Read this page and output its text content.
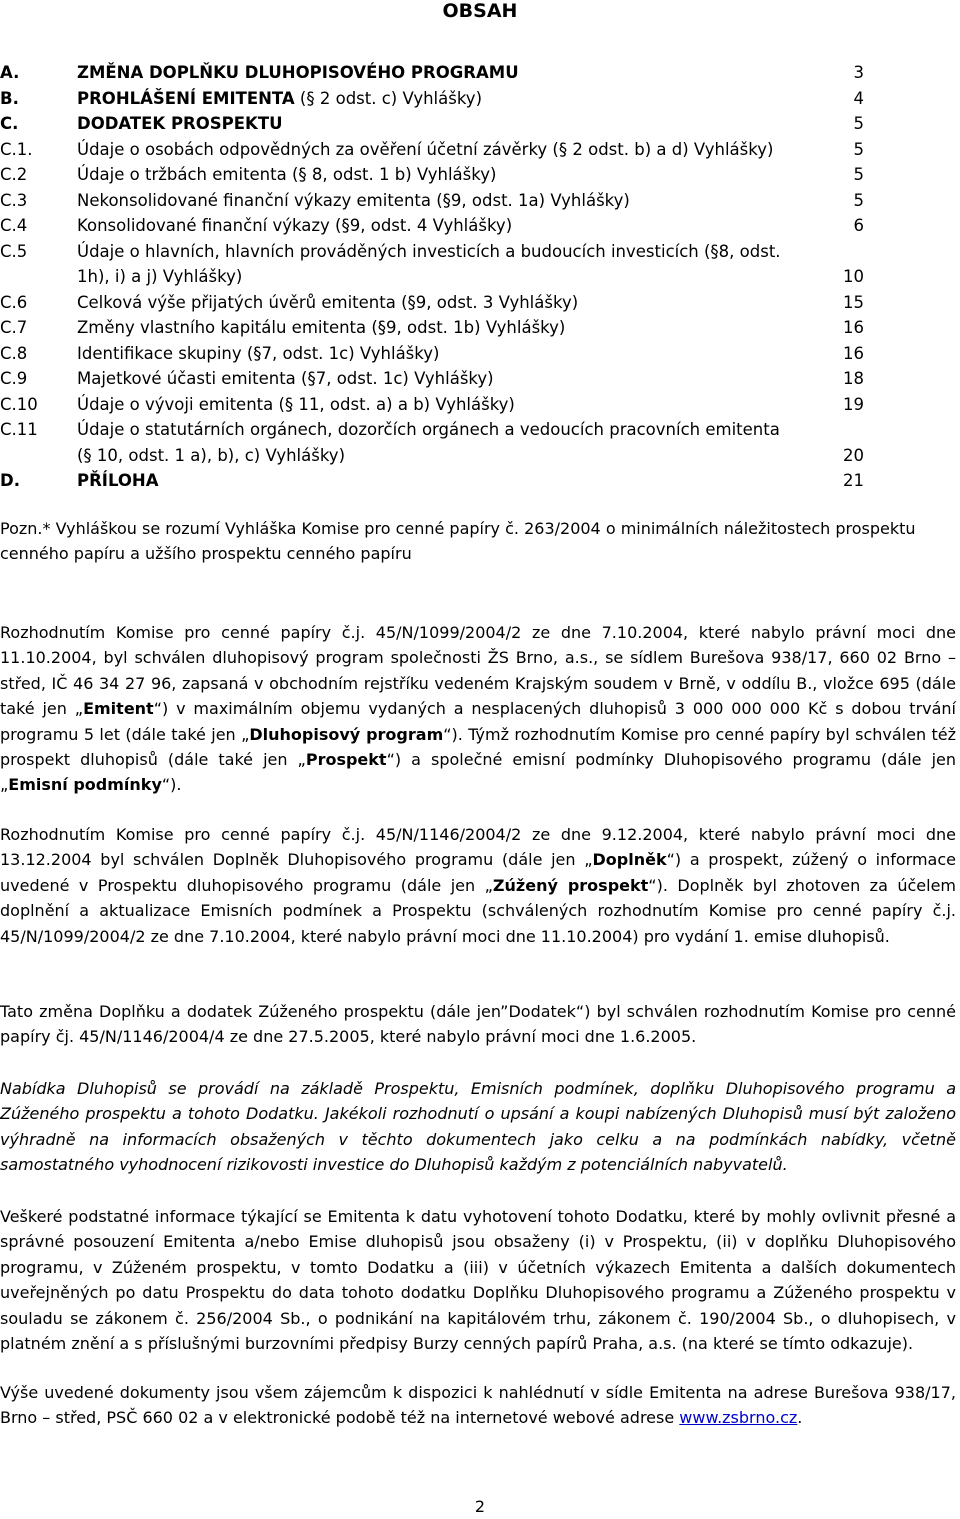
OBSAH
A.	ZMĚNA DOPLŇKU DLUHOPISOVÉHO PROGRAMU	3
B.	PROHLÁŠENÍ EMITENTA (§ 2 odst. c) Vyhlášky)	4
C.	DODATEK PROSPEKTU	5
C.1.	Údaje o osobách odpovědných za ověření účetní závěrky (§ 2 odst. b) a d) Vyhlášky)	5
C.2	Údaje o tržbách emitenta (§ 8, odst. 1 b) Vyhlášky)	5
C.3	Nekonsolidované finanční výkazy emitenta (§9, odst. 1a) Vyhlášky)	5
C.4	Konsolidované finanční výkazy (§9, odst. 4 Vyhlášky)	6
C.5	Údaje o hlavních, hlavních prováděných investicích a budoucích investicích (§8, odst. 1h), i) a j) Vyhlášky)	10
C.6	Celková výše přijatých úvěrů emitenta (§9, odst. 3 Vyhlášky)	15
C.7	Změny vlastního kapitálu emitenta (§9, odst. 1b) Vyhlášky)	16
C.8	Identifikace skupiny (§7, odst. 1c) Vyhlášky)	16
C.9	Majetkové účasti emitenta (§7, odst. 1c) Vyhlášky)	18
C.10 Údaje o vývoji emitenta (§ 11, odst. a) a b) Vyhlášky)	19
C.11 Údaje o statutárních orgánech, dozorčích orgánech a vedoucích pracovních emitenta (§ 10, odst. 1 a), b), c) Vyhlášky)	20
D.	PŘÍLOHA	21
Pozn.* Vyhláškou se rozumí Vyhláška Komise pro cenné papíry č. 263/2004 o minimálních náležitostech prospektu cenného papíru a užšího prospektu cenného papíru
Rozhodnutím Komise pro cenné papíry č.j. 45/N/1099/2004/2 ze dne 7.10.2004, které nabylo právní moci dne 11.10.2004, byl schválen dluhopisový program společnosti ŽS Brno, a.s., se sídlem Burešova 938/17, 660 02 Brno – střed, IČ 46 34 27 96, zapsaná v obchodním rejstříku vedeném Krajským soudem v Brně, v oddílu B., vložce 695 (dále také jen „Emitent“) v maximálním objemu vydaných a nesplacených dluhopisů 3 000 000 000 Kč s dobou trvání programu 5 let (dále také jen „Dluhopisový program“). Týmž rozhodnutím Komise pro cenné papíry byl schválen též prospekt dluhopisů (dále také jen „Prospekt“) a společné emisní podmínky Dluhopisového programu (dále jen „Emisní podmínky“).
Rozhodnutím Komise pro cenné papíry č.j. 45/N/1146/2004/2 ze dne 9.12.2004, které nabylo právní moci dne 13.12.2004 byl schválen Doplněk Dluhopisového programu (dále jen „Doplněk“) a prospekt, zúžený o informace uvedené v Prospektu dluhopisového programu (dále jen „Zúžený prospekt“). Doplněk byl zhotoven za účelem doplnění a aktualizace Emisních podmínek a Prospektu (schválených rozhodnutím Komise pro cenné papíry č.j. 45/N/1099/2004/2 ze dne 7.10.2004, které nabylo právní moci dne 11.10.2004) pro vydání 1. emise dluhopisů.
Tato změna Doplňku a dodatek Zúženého prospektu (dále jen”Dodatek“) byl schválen rozhodnutím Komise pro cenné papíry čj. 45/N/1146/2004/4 ze dne 27.5.2005, které nabylo právní moci dne 1.6.2005.
Nabídka Dluhopisů se provádí na základě Prospektu, Emisních podmínek, doplňku Dluhopisového programu a Zúženého prospektu a tohoto Dodatku. Jakékoli rozhodnutí o upsání a koupi nabízených Dluhopisů musí být založeno výhradně na informacích obsažených v těchto dokumentech jako celku a na podmínkách nabídky, včetně samostatného vyhodnocení rizikovosti investice do Dluhopisů každým z potenciálních nabyvatelů.
Veškeré podstatné informace týkající se Emitenta k datu vyhotovení tohoto Dodatku, které by mohly ovlivnit přesné a správné posouzení Emitenta a/nebo Emise dluhopisů jsou obsaženy (i) v Prospektu, (ii) v doplňku Dluhopisového programu, v Zúženém prospektu, v tomto Dodatku a (iii) v účetních výkazech Emitenta a dalších dokumentech uveřejněných po datu Prospektu do data tohoto dodatku Doplňku Dluhopisového programu a Zúženého prospektu v souladu se zákonem č. 256/2004 Sb., o podnikání na kapitálovém trhu, zákonem č. 190/2004 Sb., o dluhopisech, v platném znění a s příslušnými burzovními předpisy Burzy cenných papírů Praha, a.s. (na které se tímto odkazuje).
Výše uvedené dokumenty jsou všem zájemcům k dispozici k nahlédnutí v sídle Emitenta na adrese Burešova 938/17, Brno – střed, PSČ 660 02 a v elektronické podobě též na internetové webové adrese www.zsbrno.cz.
2
